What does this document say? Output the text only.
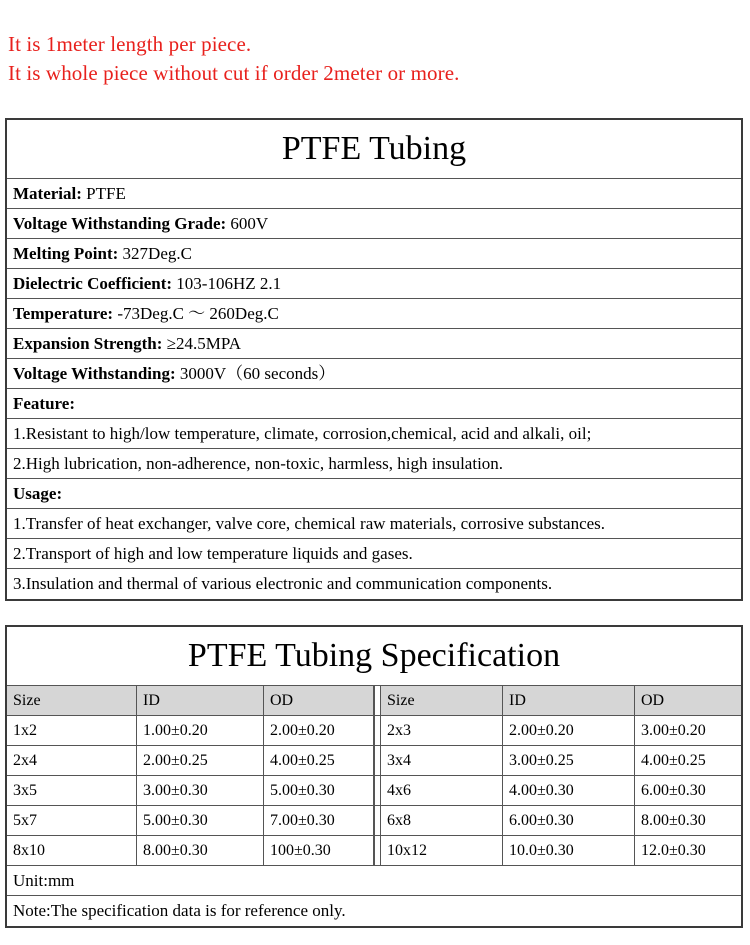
It is 1meter length per piece.
It is whole piece without cut if order 2meter or more.
PTFE Tubing
Material: PTFE
Voltage Withstanding Grade: 600V
Melting Point: 327Deg.C
Dielectric Coefficient: 103-106HZ 2.1
Temperature: -73Deg.C ～ 260Deg.C
Expansion Strength: ≥24.5MPA
Voltage Withstanding: 3000V（60 seconds）
Feature:
1.Resistant to high/low temperature, climate, corrosion,chemical, acid and alkali, oil;
2.High lubrication, non-adherence, non-toxic, harmless, high insulation.
Usage:
1.Transfer of heat exchanger, valve core, chemical raw materials, corrosive substances.
2.Transport of high and low temperature liquids and gases.
3.Insulation and thermal of various electronic and communication components.
PTFE Tubing Specification
Size	ID	OD	Size	ID	OD
1x2	1.00±0.20	2.00±0.20	2x3	2.00±0.20	3.00±0.20
2x4	2.00±0.25	4.00±0.25	3x4	3.00±0.25	4.00±0.25
3x5	3.00±0.30	5.00±0.30	4x6	4.00±0.30	6.00±0.30
5x7	5.00±0.30	7.00±0.30	6x8	6.00±0.30	8.00±0.30
8x10	8.00±0.30	100±0.30	10x12	10.0±0.30	12.0±0.30
Unit:mm
Note:The specification data is for reference only.
